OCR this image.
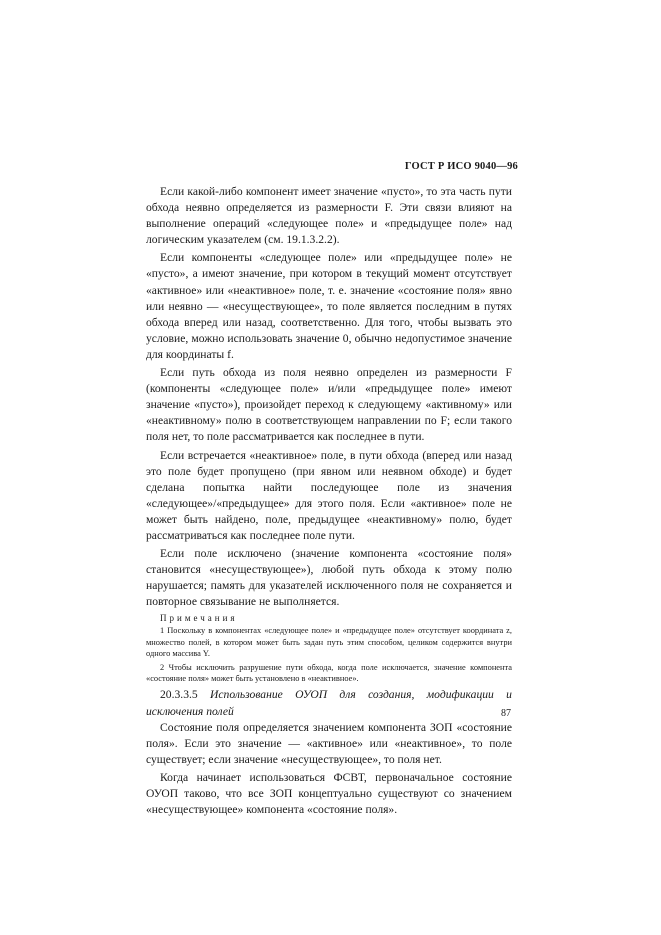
ГОСТ Р ИСО 9040—96

Если какой-либо компонент имеет значение «пусто», то эта часть пути обхода неявно определяется из размерности F. Эти связи влияют на выполнение операций «следующее поле» и «предыдущее поле» над логическим указателем (см. 19.1.3.2.2).

Если компоненты «следующее поле» или «предыдущее поле» не «пусто», а имеют значение, при котором в текущий момент отсутствует «активное» или «неактивное» поле, т. е. значение «состояние поля» явно или неявно — «несуществующее», то поле является последним в путях обхода вперед или назад, соответственно. Для того, чтобы вызвать это условие, можно использовать значение 0, обычно недопустимое значение для координаты f.

Если путь обхода из поля неявно определен из размерности F (компоненты «следующее поле» и/или «предыдущее поле» имеют значение «пусто»), произойдет переход к следующему «активному» или «неактивному» полю в соответствующем направлении по F; если такого поля нет, то поле рассматривается как последнее в пути.

Если встречается «неактивное» поле, в пути обхода (вперед или назад это поле будет пропущено (при явном или неявном обходе) и будет сделана попытка найти последующее поле из значения «следующее»/«предыдущее» для этого поля. Если «активное» поле не может быть найдено, поле, предыдущее «неактивному» полю, будет рассматриваться как последнее поле пути.

Если поле исключено (значение компонента «состояние поля» становится «несуществующее»), любой путь обхода к этому полю нарушается; память для указателей исключенного поля не сохраняется и повторное связывание не выполняется.

Примечания

1 Поскольку в компонентах «следующее поле» и «предыдущее поле» отсутствует координата z, множество полей, в котором может быть задан путь этим способом, целиком содержится внутри одного массива Y.

2 Чтобы исключить разрушение пути обхода, когда поле исключается, значение компонента «состояние поля» может быть установлено в «неактивное».

20.3.3.5 Использование ОУОП для создания, модификации и исключения полей

Состояние поля определяется значением компонента ЗОП «состояние поля». Если это значение — «активное» или «неактивное», то поле существует; если значение «несуществующее», то поля нет.

Когда начинает использоваться ФСВТ, первоначальное состояние ОУОП таково, что все ЗОП концептуально существуют со значением «несуществующее» компонента «состояние поля».

87
